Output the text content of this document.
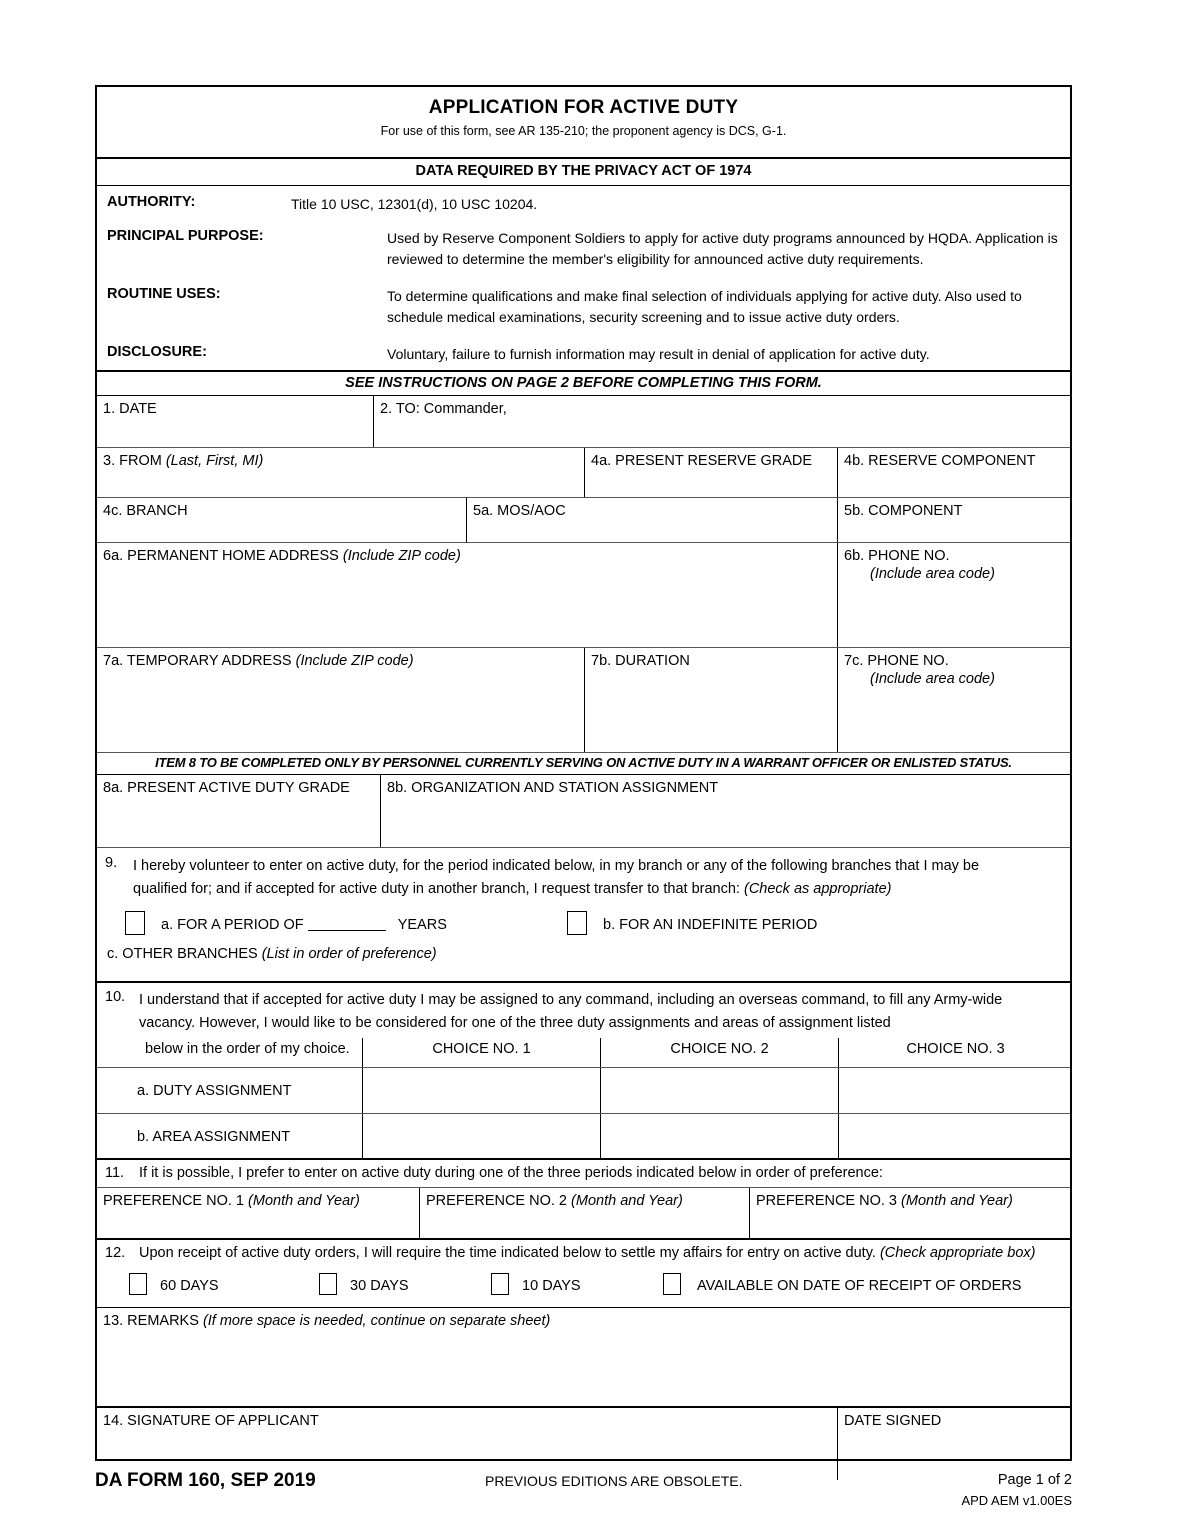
APPLICATION FOR ACTIVE DUTY
For use of this form, see AR 135-210; the proponent agency is DCS, G-1.
DATA REQUIRED BY THE PRIVACY ACT OF 1974
AUTHORITY:	Title 10 USC, 12301(d), 10 USC 10204.
PRINCIPAL PURPOSE:	Used by Reserve Component Soldiers to apply for active duty programs announced by HQDA. Application is reviewed to determine the member's eligibility for announced active duty requirements.
ROUTINE USES:	To determine qualifications and make final selection of individuals applying for active duty. Also used to schedule medical examinations, security screening and to issue active duty orders.
DISCLOSURE:	Voluntary, failure to furnish information may result in denial of application for active duty.
SEE INSTRUCTIONS ON PAGE 2 BEFORE COMPLETING THIS FORM.
1. DATE	2. TO: Commander,
3. FROM (Last, First, MI)	4a. PRESENT RESERVE GRADE	4b. RESERVE COMPONENT
4c. BRANCH	5a. MOS/AOC	5b. COMPONENT
6a. PERMANENT HOME ADDRESS (Include ZIP code)	6b. PHONE NO.
(Include area code)
7a. TEMPORARY ADDRESS (Include ZIP code)	7b. DURATION	7c. PHONE NO.
(Include area code)
ITEM 8 TO BE COMPLETED ONLY BY PERSONNEL CURRENTLY SERVING ON ACTIVE DUTY IN A WARRANT OFFICER OR ENLISTED STATUS.
8a. PRESENT ACTIVE DUTY GRADE	8b. ORGANIZATION AND STATION ASSIGNMENT
9. I hereby volunteer to enter on active duty, for the period indicated below, in my branch or any of the following branches that I may be
qualified for; and if accepted for active duty in another branch, I request transfer to that branch: (Check as appropriate)
a. FOR A PERIOD OF	YEARS	b. FOR AN INDEFINITE PERIOD
c. OTHER BRANCHES (List in order of preference)
10. I understand that if accepted for active duty I may be assigned to any command, including an overseas command, to fill any Army-wide
vacancy. However, I would like to be considered for one of the three duty assignments and areas of assignment listed
below in the order of my choice.	CHOICE NO. 1	CHOICE NO. 2	CHOICE NO. 3
a. DUTY ASSIGNMENT
b. AREA ASSIGNMENT
11. If it is possible, I prefer to enter on active duty during one of the three periods indicated below in order of preference:
PREFERENCE NO. 1 (Month and Year)	PREFERENCE NO. 2 (Month and Year)	PREFERENCE NO. 3 (Month and Year)
12. Upon receipt of active duty orders, I will require the time indicated below to settle my affairs for entry on active duty. (Check appropriate box)
60 DAYS	30 DAYS	10 DAYS	AVAILABLE ON DATE OF RECEIPT OF ORDERS
13. REMARKS (If more space is needed, continue on separate sheet)
14. SIGNATURE OF APPLICANT	DATE SIGNED
DA FORM 160, SEP 2019	PREVIOUS EDITIONS ARE OBSOLETE.	Page 1 of 2
APD AEM v1.00ES
